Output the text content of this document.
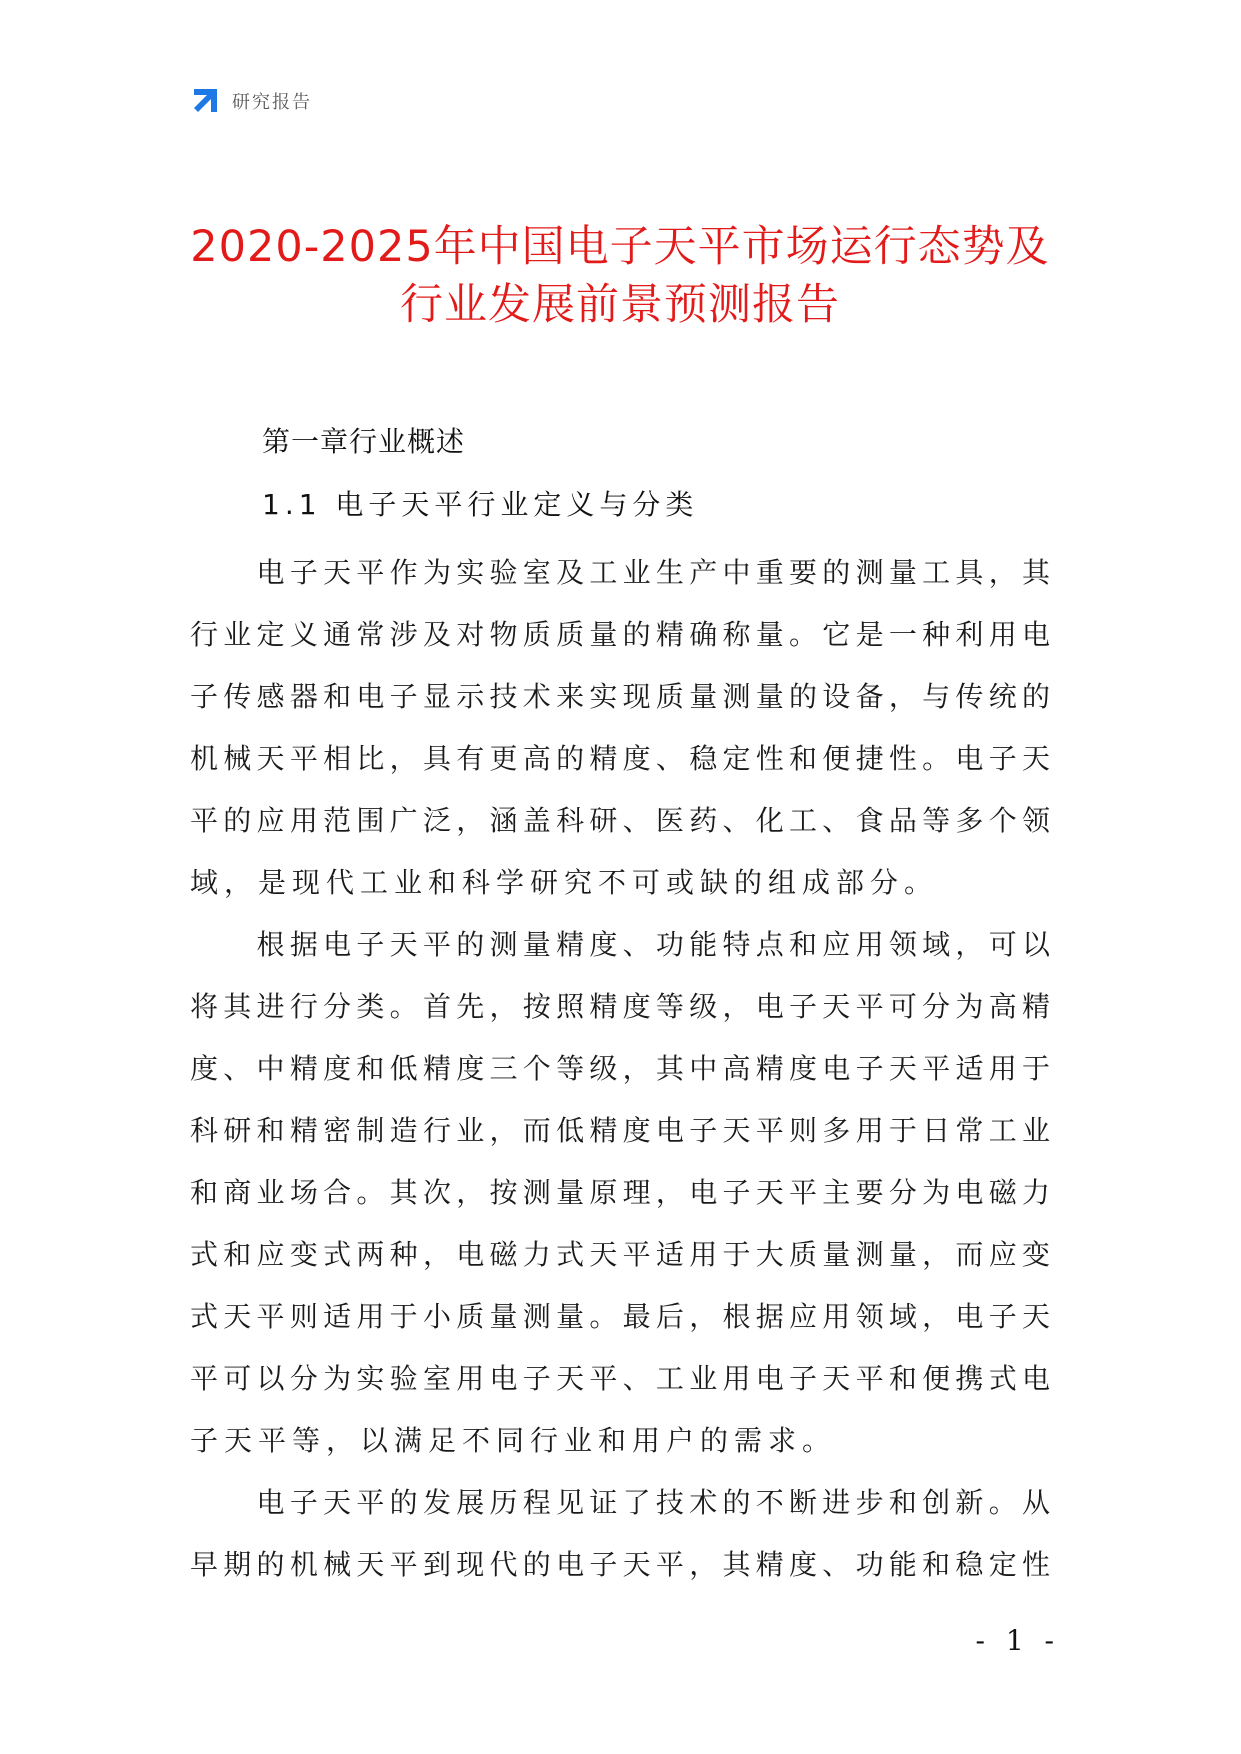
研究报告
2020-2025年中国电子天平市场运行态势及
行业发展前景预测报告
第一章行业概述
1.1 电子天平行业定义与分类
　　电子天平作为实验室及工业生产中重要的测量工具，其
行业定义通常涉及对物质质量的精确称量。它是一种利用电
子传感器和电子显示技术来实现质量测量的设备，与传统的
机械天平相比，具有更高的精度、稳定性和便捷性。电子天
平的应用范围广泛，涵盖科研、医药、化工、食品等多个领
域，是现代工业和科学研究不可或缺的组成部分。
　　根据电子天平的测量精度、功能特点和应用领域，可以
将其进行分类。首先，按照精度等级，电子天平可分为高精
度、中精度和低精度三个等级，其中高精度电子天平适用于
科研和精密制造行业，而低精度电子天平则多用于日常工业
和商业场合。其次，按测量原理，电子天平主要分为电磁力
式和应变式两种，电磁力式天平适用于大质量测量，而应变
式天平则适用于小质量测量。最后，根据应用领域，电子天
平可以分为实验室用电子天平、工业用电子天平和便携式电
子天平等，以满足不同行业和用户的需求。
　　电子天平的发展历程见证了技术的不断进步和创新。从
早期的机械天平到现代的电子天平，其精度、功能和稳定性
- 1 -
